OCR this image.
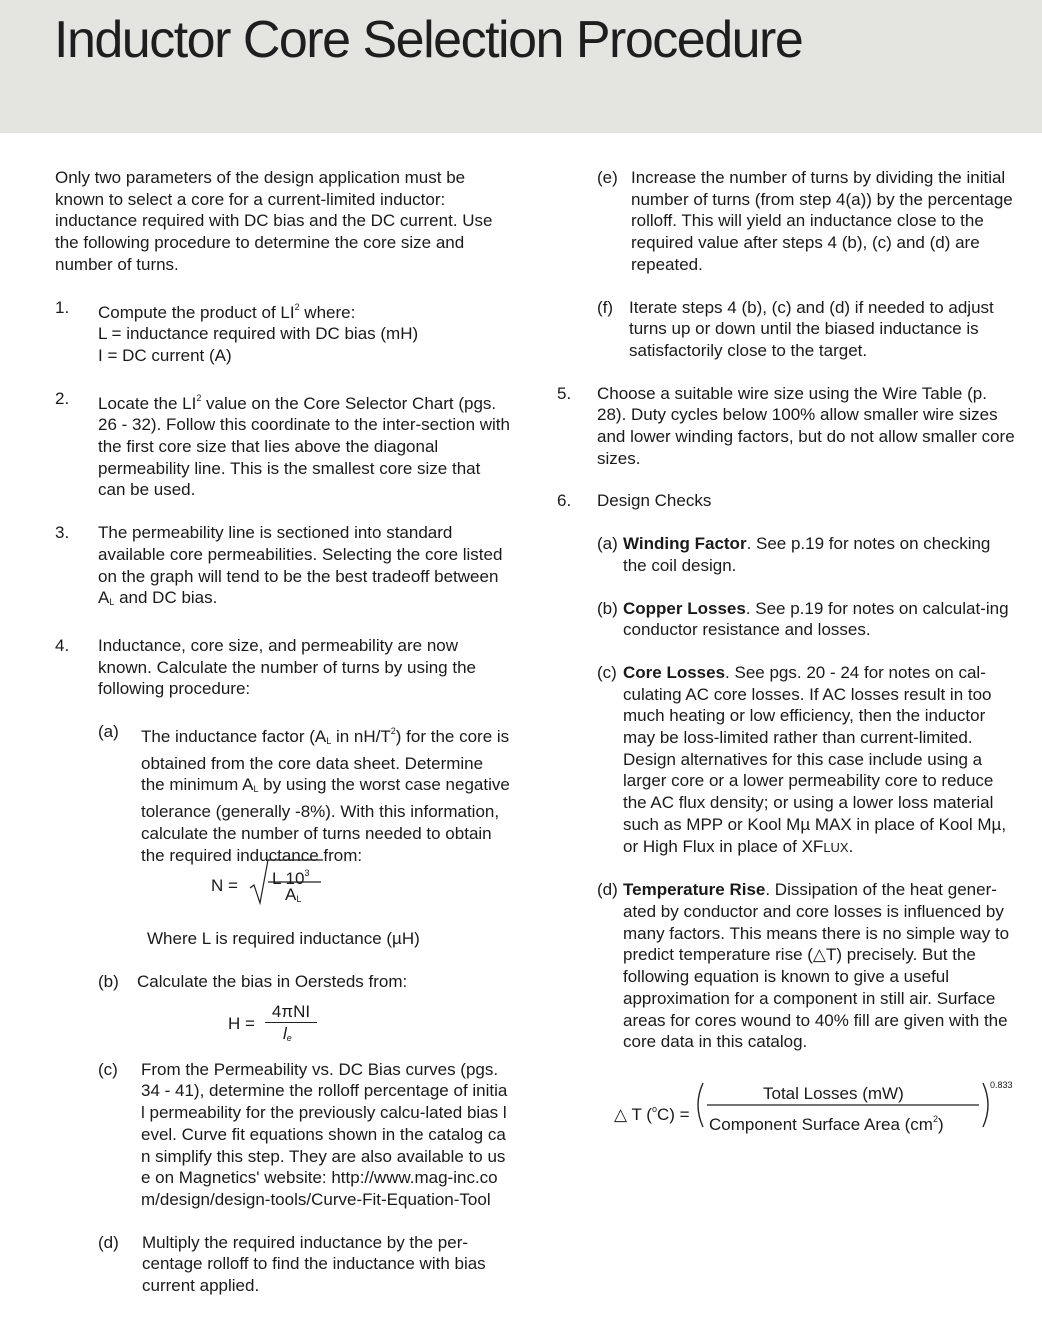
Inductor Core Selection Procedure

Only two parameters of the design application must be known to select a core for a current-limited inductor: inductance required with DC bias and the DC current. Use the following procedure to determine the core size and number of turns.

1. Compute the product of $LI^2$ where:
L = inductance required with DC bias (mH)
I = DC current (A)
2. Locate the $LI^2$ value on the Core Selector Chart (pgs. 26 - 32). Follow this coordinate to the inter-section with the first core size that lies above the diagonal permeability line. This is the smallest core size that can be used.
3. The permeability line is sectioned into standard available core permeabilities. Selecting the core listed on the graph will tend to be the best tradeoff between AL and DC bias.
4. Inductance, core size, and permeability are now known. Calculate the number of turns by using the following procedure:
(a) The inductance factor (AL in $nH/T^2$) for the core is obtained from the core data sheet. Determine the minimum AL by using the worst case negative tolerance (generally -8%). With this information, calculate the number of turns needed to obtain the required inductance from:
N = L $10^3$
AL
Where L is required inductance (µH)
(b) Calculate the bias in Oersteds from:
H =
4πNI
le
(c) From the Permeability vs. DC Bias curves (pgs. 34 - 41), determine the rolloff percentage of initial permeability for the previously calcu-lated bias level. Curve fit equations shown in the catalog can simplify this step. They are also available to use on Magnetics' website: http://www.mag-inc.com/design/design-tools/Curve-Fit-Equation-Tool
(d) Multiply the required inductance by the per-centage rolloff to find the inductance with bias current applied.
(e) Increase the number of turns by dividing the initial number of turns (from step 4(a)) by the percentage rolloff. This will yield an inductance close to the required value after steps 4 (b), (c) and (d) are repeated.
(f) Iterate steps 4 (b), (c) and (d) if needed to adjust turns up or down until the biased inductance is satisfactorily close to the target.
5. Choose a suitable wire size using the Wire Table (p. 28). Duty cycles below 100% allow smaller wire sizes and lower winding factors, but do not allow smaller core sizes.
6. Design Checks
(a) Winding Factor. See p.19 for notes on checking the coil design.
(b) Copper Losses. See p.19 for notes on calculat-ing conductor resistance and losses.
(c) Core Losses. See pgs. 20 - 24 for notes on cal-culating AC core losses. If AC losses result in too much heating or low efficiency, then the inductor may be loss-limited rather than current-limited. Design alternatives for this case include using a larger core or a lower permeability core to reduce the AC flux density; or using a lower loss material such as MPP or Kool Mµ MAX in place of Kool Mµ, or High Flux in place of XFLUX.
(d) Temperature Rise. Dissipation of the heat gener-ated by conductor and core losses is influenced by many factors. This means there is no simple way to predict temperature rise (△T) precisely. But the following equation is known to give a useful approximation for a component in still air. Surface areas for cores wound to 40% fill are given with the core data in this catalog.
△ T ($^o$C) =
Total Losses (mW)
Component Surface Area $(cm^2)$
0.833
